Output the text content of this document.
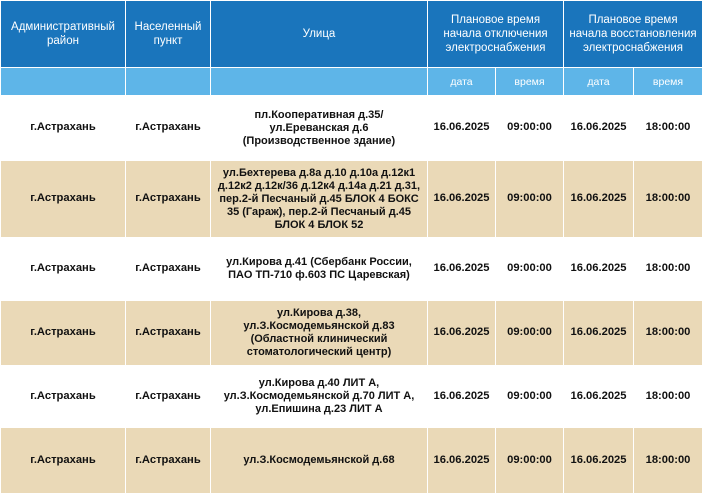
Административный район	Населенный пункт	Улица	Плановое время начала отключения электроснабжения		Плановое время начала восстановления электроснабжения	
			дата	время	дата	время
г.Астрахань	г.Астрахань	пл.Кооперативная д.35/ ул.Ереванская д.6 (Производственное здание)	16.06.2025	09:00:00	16.06.2025	18:00:00
г.Астрахань	г.Астрахань	ул.Бехтерева д.8а д.10 д.10а д.12к1 д.12к2 д.12к/36 д.12к4 д.14а д.21 д.31, пер.2-й Песчаный д.45 БЛОК 4 БОКС 35 (Гараж), пер.2-й Песчаный д.45 БЛОК 4 БЛОК 52	16.06.2025	09:00:00	16.06.2025	18:00:00
г.Астрахань	г.Астрахань	ул.Кирова д.41 (Сбербанк России, ПАО ТП-710 ф.603 ПС Царевская)	16.06.2025	09:00:00	16.06.2025	18:00:00
г.Астрахань	г.Астрахань	ул.Кирова д.38, ул.З.Космодемьянской д.83 (Областной клинический стоматологический центр)	16.06.2025	09:00:00	16.06.2025	18:00:00
г.Астрахань	г.Астрахань	ул.Кирова д.40 ЛИТ А, ул.З.Космодемьянской д.70 ЛИТ А, ул.Епишина д.23 ЛИТ А	16.06.2025	09:00:00	16.06.2025	18:00:00
г.Астрахань	г.Астрахань	ул.З.Космодемьянской д.68	16.06.2025	09:00:00	16.06.2025	18:00:00
